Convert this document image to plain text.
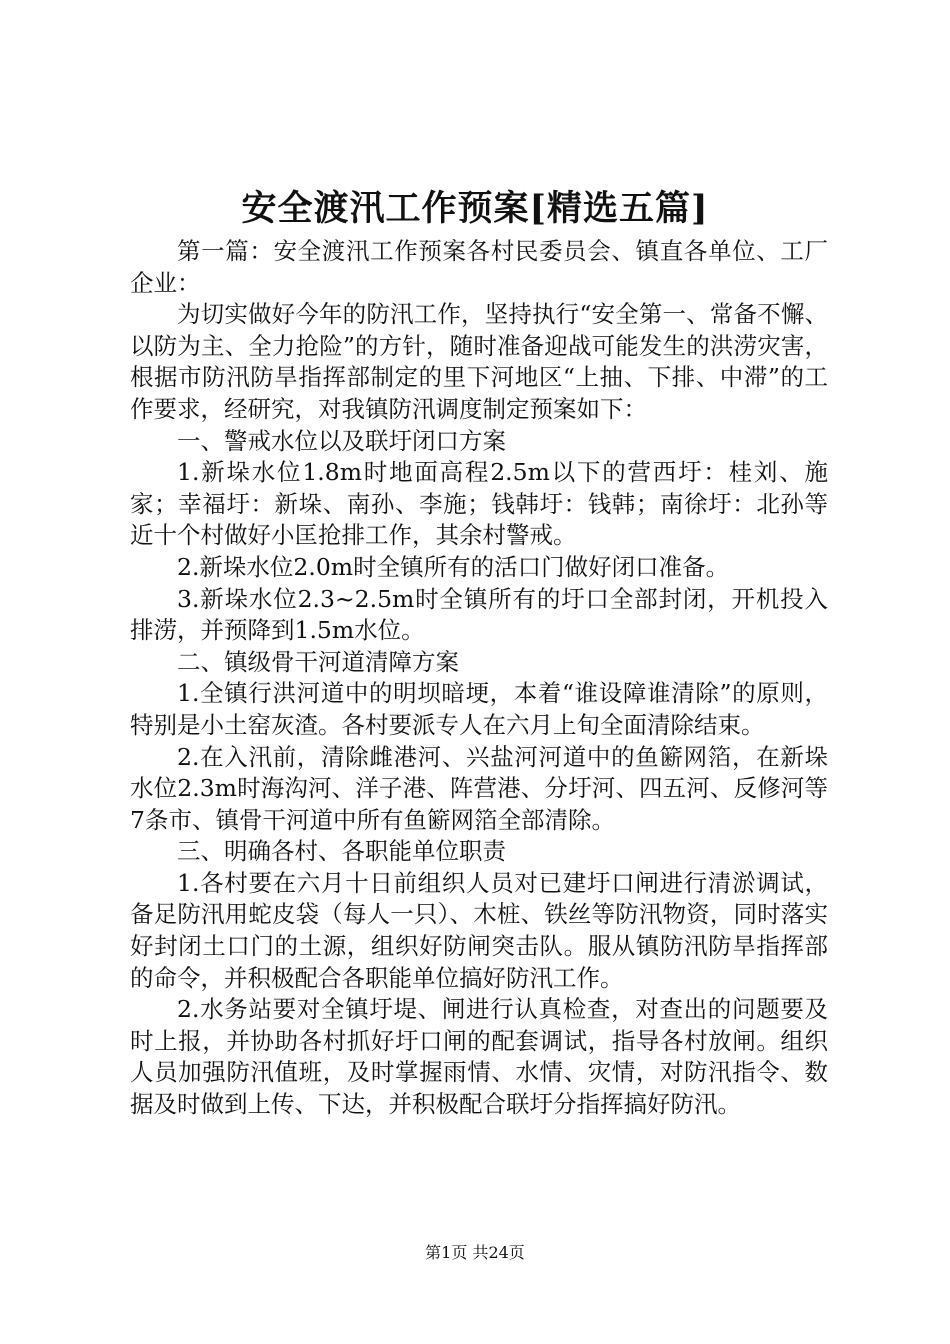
安全渡汛工作预案[精选五篇]

第一篇：安全渡汛工作预案各村民委员会、镇直各单位、工厂企业：

为切实做好今年的防汛工作，坚持执行“安全第一、常备不懈、以防为主、全力抢险”的方针，随时准备迎战可能发生的洪涝灾害，根据市防汛防旱指挥部制定的里下河地区“上抽、下排、中滞”的工作要求，经研究，对我镇防汛调度制定预案如下：

一、警戒水位以及联圩闭口方案

1.新垛水位1.8m时地面高程2.5m以下的营西圩：桂刘、施家；幸福圩：新垛、南孙、李施；钱韩圩：钱韩；南徐圩：北孙等近十个村做好小匡抢排工作，其余村警戒。

2.新垛水位2.0m时全镇所有的活口门做好闭口准备。

3.新垛水位2.3~2.5m时全镇所有的圩口全部封闭，开机投入排涝，并预降到1.5m水位。

二、镇级骨干河道清障方案

1.全镇行洪河道中的明坝暗埂，本着“谁设障谁清除”的原则，特别是小土窑灰渣。各村要派专人在六月上旬全面清除结束。

2.在入汛前，清除雌港河、兴盐河河道中的鱼簖网箔，在新垛水位2.3m时海沟河、洋子港、阵营港、分圩河、四五河、反修河等7条市、镇骨干河道中所有鱼簖网箔全部清除。

三、明确各村、各职能单位职责

1.各村要在六月十日前组织人员对已建圩口闸进行清淤调试，备足防汛用蛇皮袋（每人一只）、木桩、铁丝等防汛物资，同时落实好封闭土口门的土源，组织好防闸突击队。服从镇防汛防旱指挥部的命令，并积极配合各职能单位搞好防汛工作。

2.水务站要对全镇圩堤、闸进行认真检查，对查出的问题要及时上报，并协助各村抓好圩口闸的配套调试，指导各村放闸。组织人员加强防汛值班，及时掌握雨情、水情、灾情，对防汛指令、数据及时做到上传、下达，并积极配合联圩分指挥搞好防汛。

第1页 共24页
